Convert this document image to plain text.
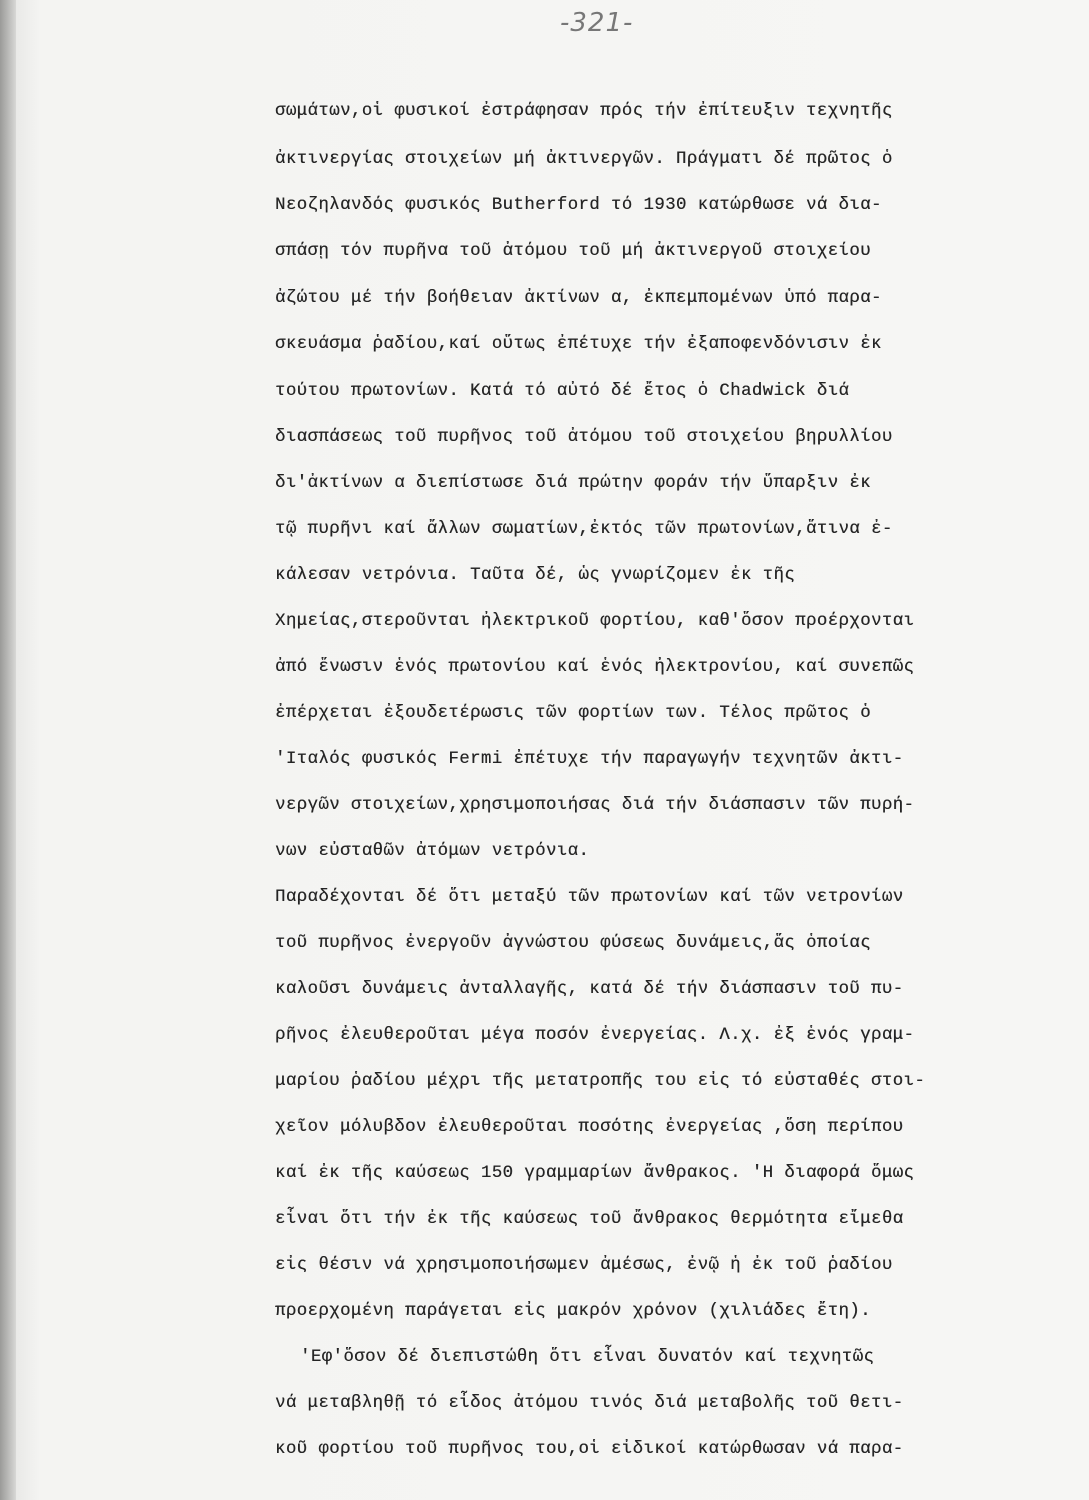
-321-
σωμάτων,οἱ φυσικοί ἐστράφησαν πρός τήν ἐπίτευξιν τεχνητῆς
ἀκτινεργίας στοιχείων μή ἀκτινεργῶν. Πράγματι δέ πρῶτος ὁ
Νεοζηλανδός φυσικός Butherford τό 1930 κατώρθωσε νά δια-
σπάσῃ τόν πυρῆνα τοῦ ἀτόμου τοῦ μή ἀκτινεργοῦ στοιχείου
ἀζώτου μέ τήν βοήθειαν ἀκτίνων α, ἐκπεμπομένων ὑπό παρα-
σκευάσμα ῥαδίου,καί οὕτως ἐπέτυχε τήν ἐξαποφενδόνισιν ἐκ
τούτου πρωτονίων. Κατά τό αὐτό δέ ἔτος ὁ Chadwick διά
διασπάσεως τοῦ πυρῆνος τοῦ ἀτόμου τοῦ στοιχείου βηρυλλίου
δι'ἀκτίνων α διεπίστωσε διά πρώτην φοράν τήν ὕπαρξιν ἐκ
τῷ πυρῆνι καί ἄλλων σωματίων,ἐκτός τῶν πρωτονίων,ἅτινα ἐ-
κάλεσαν νετρόνια. Ταῦτα δέ, ὡς γνωρίζομεν ἐκ τῆς
Χημείας,στεροῦνται ἠλεκτρικοῦ φορτίου, καθ'ὅσον προέρχονται
ἀπό ἕνωσιν ἑνός πρωτονίου καί ἑνός ἠλεκτρονίου, καί συνεπῶς
ἐπέρχεται ἐξουδετέρωσις τῶν φορτίων των. Τέλος πρῶτος ὁ
'Ιταλός φυσικός Fermi ἐπέτυχε τήν παραγωγήν τεχνητῶν ἀκτι-
νεργῶν στοιχείων,χρησιμοποιήσας διά τήν διάσπασιν τῶν πυρή-
νων εὐσταθῶν ἀτόμων νετρόνια.
Παραδέχονται δέ ὅτι μεταξύ τῶν πρωτονίων καί τῶν νετρονίων
τοῦ πυρῆνος ἐνεργοῦν ἀγνώστου φύσεως δυνάμεις,ἅς ὁποίας
καλοῦσι δυνάμεις ἀνταλλαγῆς, κατά δέ τήν διάσπασιν τοῦ πυ-
ρῆνος ἐλευθεροῦται μέγα ποσόν ἐνεργείας. Λ.χ. ἐξ ἑνός γραμ-
μαρίου ῥαδίου μέχρι τῆς μετατροπῆς του εἰς τό εὐσταθές στοι-
χεῖον μόλυβδον ἐλευθεροῦται ποσότης ἐνεργείας ,ὅση περίπου
καί ἐκ τῆς καύσεως 150 γραμμαρίων ἄνθρακος. 'Η διαφορά ὅμως
εἶναι ὅτι τήν ἐκ τῆς καύσεως τοῦ ἄνθρακος θερμότητα εἴμεθα
εἰς θέσιν νά χρησιμοποιήσωμεν ἀμέσως, ἐνῷ ἡ ἐκ τοῦ ῥαδίου
προερχομένη παράγεται εἰς μακρόν χρόνον (χιλιάδες ἔτη).
'Εφ'ὅσον δέ διεπιστώθη ὅτι εἶναι δυνατόν καί τεχνητῶς
νά μεταβληθῇ τό εἶδος ἀτόμου τινός διά μεταβολῆς τοῦ θετι-
κοῦ φορτίου τοῦ πυρῆνος του,οἱ εἰδικοί κατώρθωσαν νά παρα-
